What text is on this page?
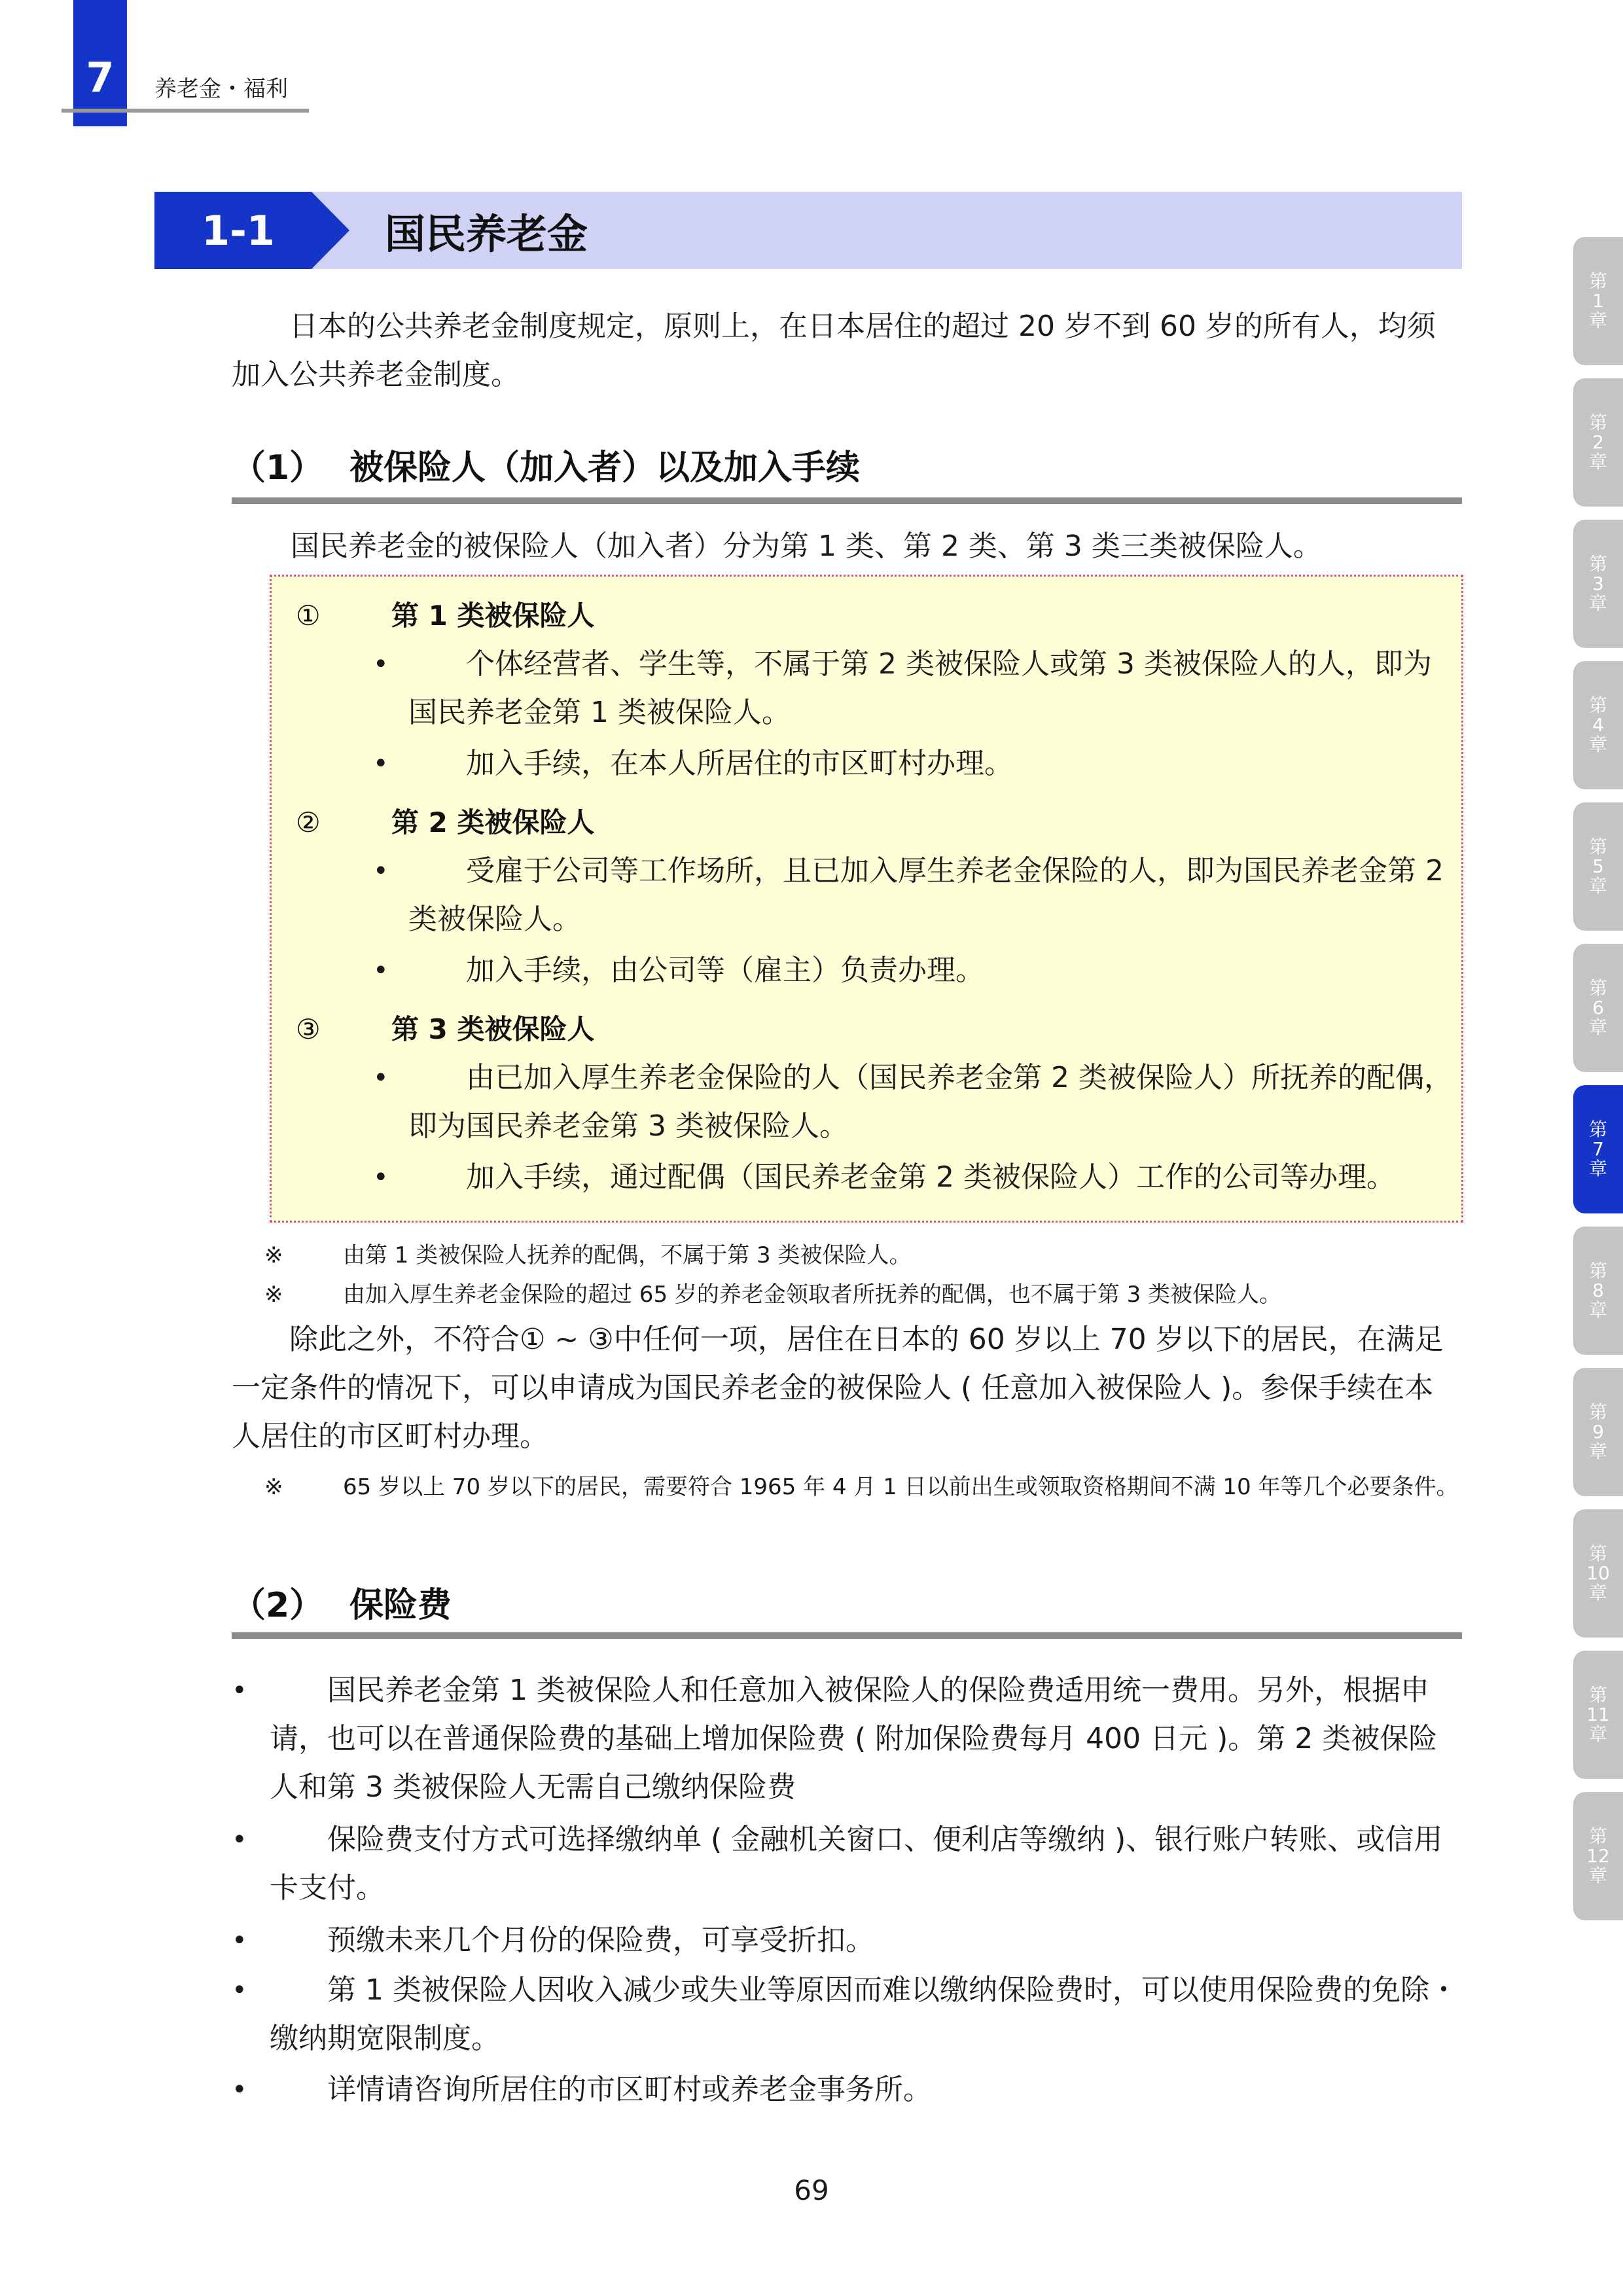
7 养老金・福利
1-1	国民养老金
日本的公共养老金制度规定，原则上，在日本居住的超过 20 岁不到 60 岁的所有人，均须加入公共养老金制度。
（1） 被保险人（加入者）以及加入手续
国民养老金的被保险人（加入者）分为第 1 类、第 2 类、第 3 类三类被保险人。
①	第 1 类被保险人
•	个体经营者、学生等，不属于第 2 类被保险人或第 3 类被保险人的人，即为国民养老金第 1 类被保险人。
•	加入手续，在本人所居住的市区町村办理。
②	第 2 类被保险人
•	受雇于公司等工作场所，且已加入厚生养老金保险的人，即为国民养老金第 2 类被保险人。
•	加入手续，由公司等（雇主）负责办理。
③	第 3 类被保险人
•	由已加入厚生养老金保险的人（国民养老金第 2 类被保险人）所抚养的配偶，即为国民养老金第 3 类被保险人。
•	加入手续，通过配偶（国民养老金第 2 类被保险人）工作的公司等办理。
※	由第 1 类被保险人抚养的配偶，不属于第 3 类被保险人。
※	由加入厚生养老金保险的超过 65 岁的养老金领取者所抚养的配偶，也不属于第 3 类被保险人。
除此之外，不符合① ~ ③中任何一项，居住在日本的 60 岁以上 70 岁以下的居民，在满足一定条件的情况下，可以申请成为国民养老金的被保险人 ( 任意加入被保险人 )。参保手续在本人居住的市区町村办理。
※	65 岁以上 70 岁以下的居民，需要符合 1965 年 4 月 1 日以前出生或领取资格期间不满 10 年等几个必要条件。
（2） 保险费
•	国民养老金第 1 类被保险人和任意加入被保险人的保险费适用统一费用。另外，根据申请，也可以在普通保险费的基础上增加保险费 ( 附加保险费每月 400 日元 )。第 2 类被保险人和第 3 类被保险人无需自己缴纳保险费
•	保险费支付方式可选择缴纳单 ( 金融机关窗口、便利店等缴纳 )、银行账户转账、或信用卡支付。
•	预缴未来几个月份的保险费，可享受折扣。
•	第 1 类被保险人因收入减少或失业等原因而难以缴纳保险费时，可以使用保险费的免除・缴纳期宽限制度。
•	详情请咨询所居住的市区町村或养老金事务所。
第
1
章
第
2
章
第
3
章
第
4
章
第
5
章
第
6
章
第
7
章
第
8
章
第
9
章
第
10
章
第
11
章
第
12
章
69
